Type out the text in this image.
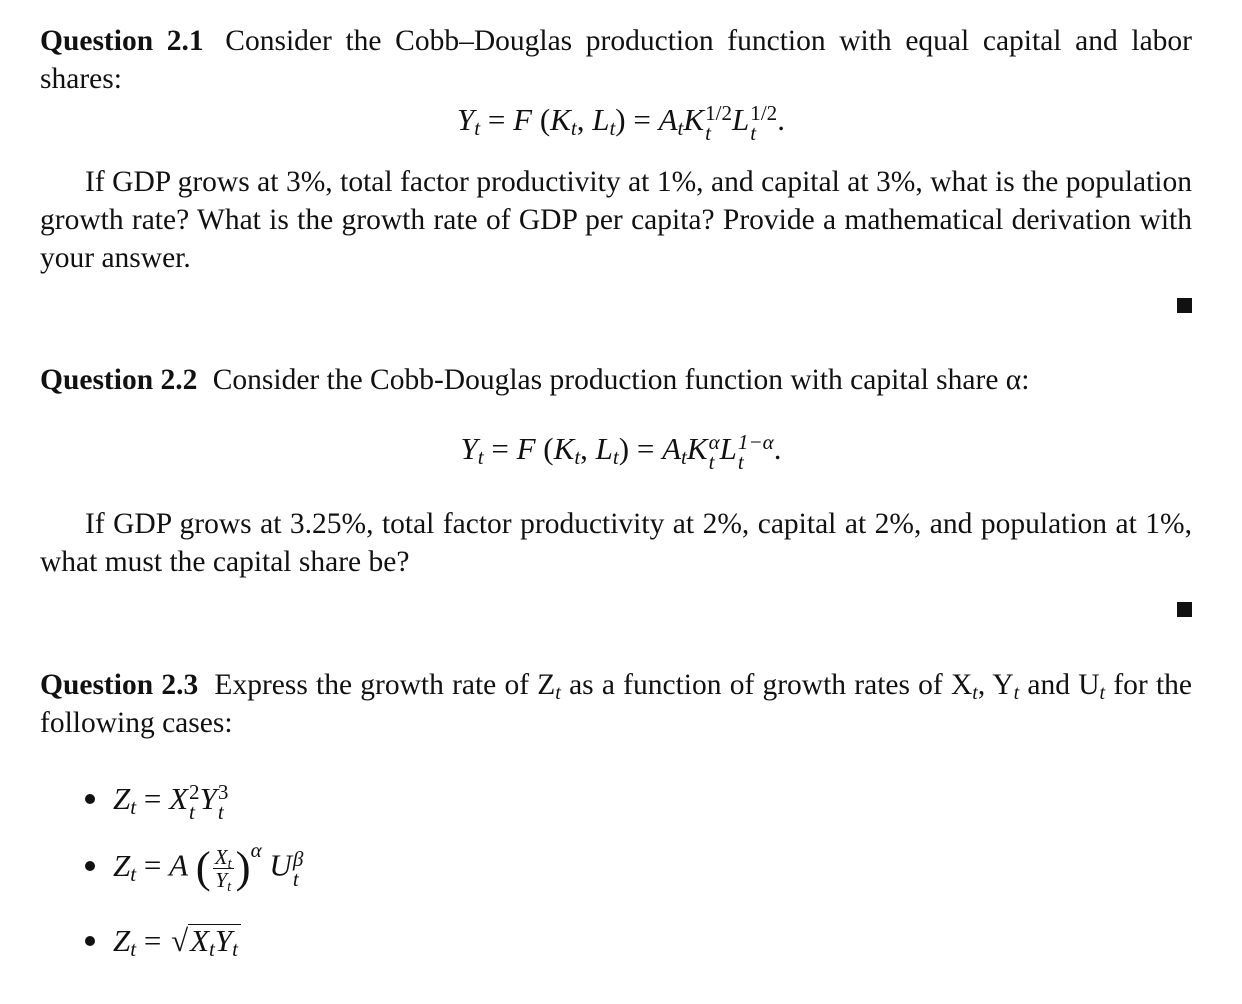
Question 2.1 Consider the Cobb–Douglas production function with equal capital and labor shares:
$Y_t = F$ ($K_t$, $L_t) = A_tK$ 1/2
t L 1/2
t .
If GDP grows at 3%, total factor productivity at 1%, and capital at 3%, what is the population growth rate? What is the growth rate of GDP per capita? Provide a mathematical derivation with your answer.
Question 2.2 Consider the Cobb-Douglas production function with capital share α:
$Y_t = F$ ($K_t$, $L_t) = A_tK$ α
t L 1−α
t .
If GDP grows at 3.25%, total factor productivity at 2%, capital at 2%, and population at 1%, what must the capital share be?
Question 2.3 Express the growth rate of $Z_t$ as a function of growth rates of $X_t$, $Y_t$ and $U_t$ for the following cases:
$Z_t = X$ 2
t Y 3
t
$Z_t = A$ ( $\frac{X_t}{Y_t} )^\alpha$ U β
t
$Z_t = √X_tY_t$
